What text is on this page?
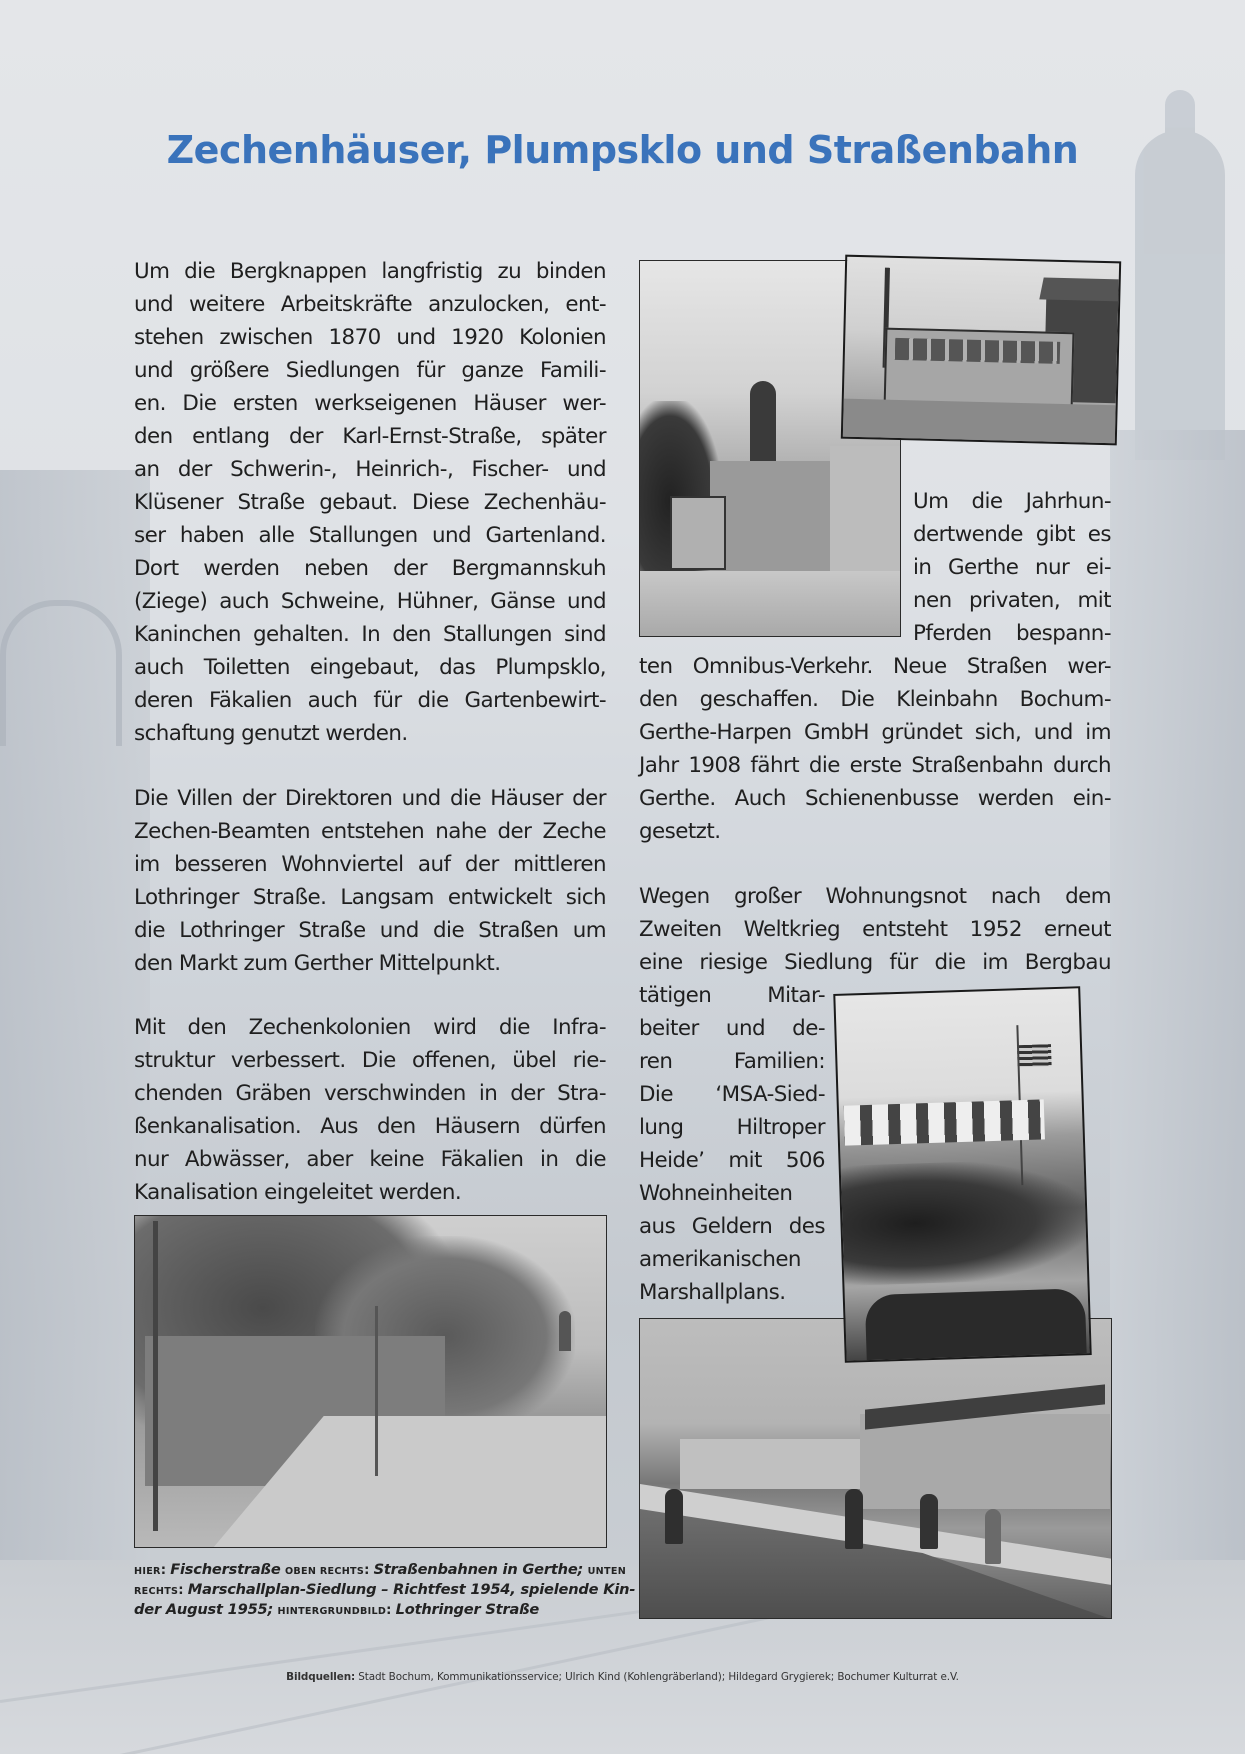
Zechenhäuser, Plumpsklo und Straßenbahn
Um die Bergknappen langfristig zu binden
und weitere Arbeitskräfte anzulocken, ent-
stehen zwischen 1870 und 1920 Kolonien
und größere Siedlungen für ganze Famili-
en. Die ersten werkseigenen Häuser wer-
den entlang der Karl-Ernst-Straße, später
an der Schwerin-, Heinrich-, Fischer- und
Klüsener Straße gebaut. Diese Zechenhäu-
ser haben alle Stallungen und Gartenland.
Dort werden neben der Bergmannskuh
(Ziege) auch Schweine, Hühner, Gänse und
Kaninchen gehalten. In den Stallungen sind
auch Toiletten eingebaut, das Plumpsklo,
deren Fäkalien auch für die Gartenbewirt-
schaftung genutzt werden.
Die Villen der Direktoren und die Häuser der
Zechen-Beamten entstehen nahe der Zeche
im besseren Wohnviertel auf der mittleren
Lothringer Straße. Langsam entwickelt sich
die Lothringer Straße und die Straßen um
den Markt zum Gerther Mittelpunkt.
Mit den Zechenkolonien wird die Infra-
struktur verbessert. Die offenen, übel rie-
chenden Gräben verschwinden in der Stra-
ßenkanalisation. Aus den Häusern dürfen
nur Abwässer, aber keine Fäkalien in die
Kanalisation eingeleitet werden.
HIER: Fischerstraße OBEN RECHTS: Straßenbahnen in Gerthe; UNTEN
RECHTS: Marschallplan-Siedlung – Richtfest 1954, spielende Kin-
der August 1955; HINTERGRUNDBILD: Lothringer Straße
Um die Jahrhun-
dertwende gibt es
in Gerthe nur ei-
nen privaten, mit
Pferden bespann-
ten Omnibus-Verkehr. Neue Straßen wer-
den geschaffen. Die Kleinbahn Bochum-
Gerthe-Harpen GmbH gründet sich, und im
Jahr 1908 fährt die erste Straßenbahn durch
Gerthe. Auch Schienenbusse werden ein-
gesetzt.
Wegen großer Wohnungsnot nach dem
Zweiten Weltkrieg entsteht 1952 erneut
eine riesige Siedlung für die im Bergbau
tätigen Mitar-
beiter und de-
ren Familien:
Die ‘MSA-Sied-
lung Hiltroper
Heide’ mit 506
Wohneinheiten
aus Geldern des
amerikanischen
Marshallplans.
Bildquellen: Stadt Bochum, Kommunikationsservice; Ulrich Kind (Kohlengräberland); Hildegard Grygierek; Bochumer Kulturrat e.V.
